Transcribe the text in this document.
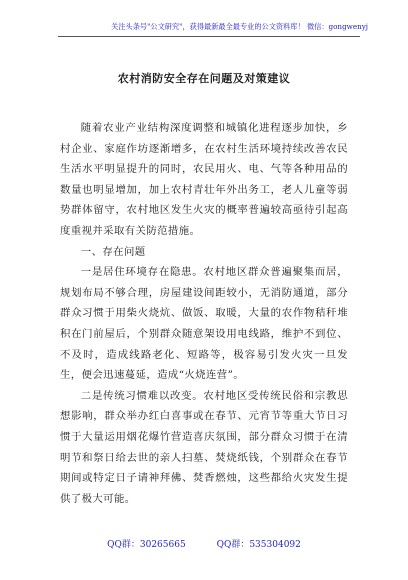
关注头条号"公文研究"，获得最新最全最专业的公文资料库！ 微信：gongwenyj
农村消防安全存在问题及对策建议

随着农业产业结构深度调整和城镇化进程逐步加快，乡村企业、家庭作坊逐渐增多，在农村生活环境持续改善农民生活水平明显提升的同时，农民用火、电、气等各种用品的数量也明显增加，加上农村青壮年外出务工，老人儿童等弱势群体留守，农村地区发生火灾的概率普遍较高亟待引起高度重视并采取有关防范措施。

一、存在问题

一是居住环境存在隐患。农村地区群众普遍聚集而居，规划布局不够合理，房屋建设间距较小，无消防通道，部分群众习惯于用柴火烧炕、做饭、取暖，大量的农作物秸秆堆积在门前屋后，个别群众随意架设用电线路，维护不到位、不及时，造成线路老化、短路等，极容易引发火灾一旦发生，便会迅速蔓延，造成“火烧连营”。

二是传统习惯难以改变。农村地区受传统民俗和宗教思想影响，群众举办红白喜事或在春节、元宵节等重大节日习惯于大量运用烟花爆竹营造喜庆氛围，部分群众习惯于在清明节和祭日给去世的亲人扫墓、焚烧纸钱，个别群众在春节期间或特定日子请神拜佛、焚香燃烛，这些都给火灾发生提供了极大可能。

QQ群：30265665	QQ群：535304092
